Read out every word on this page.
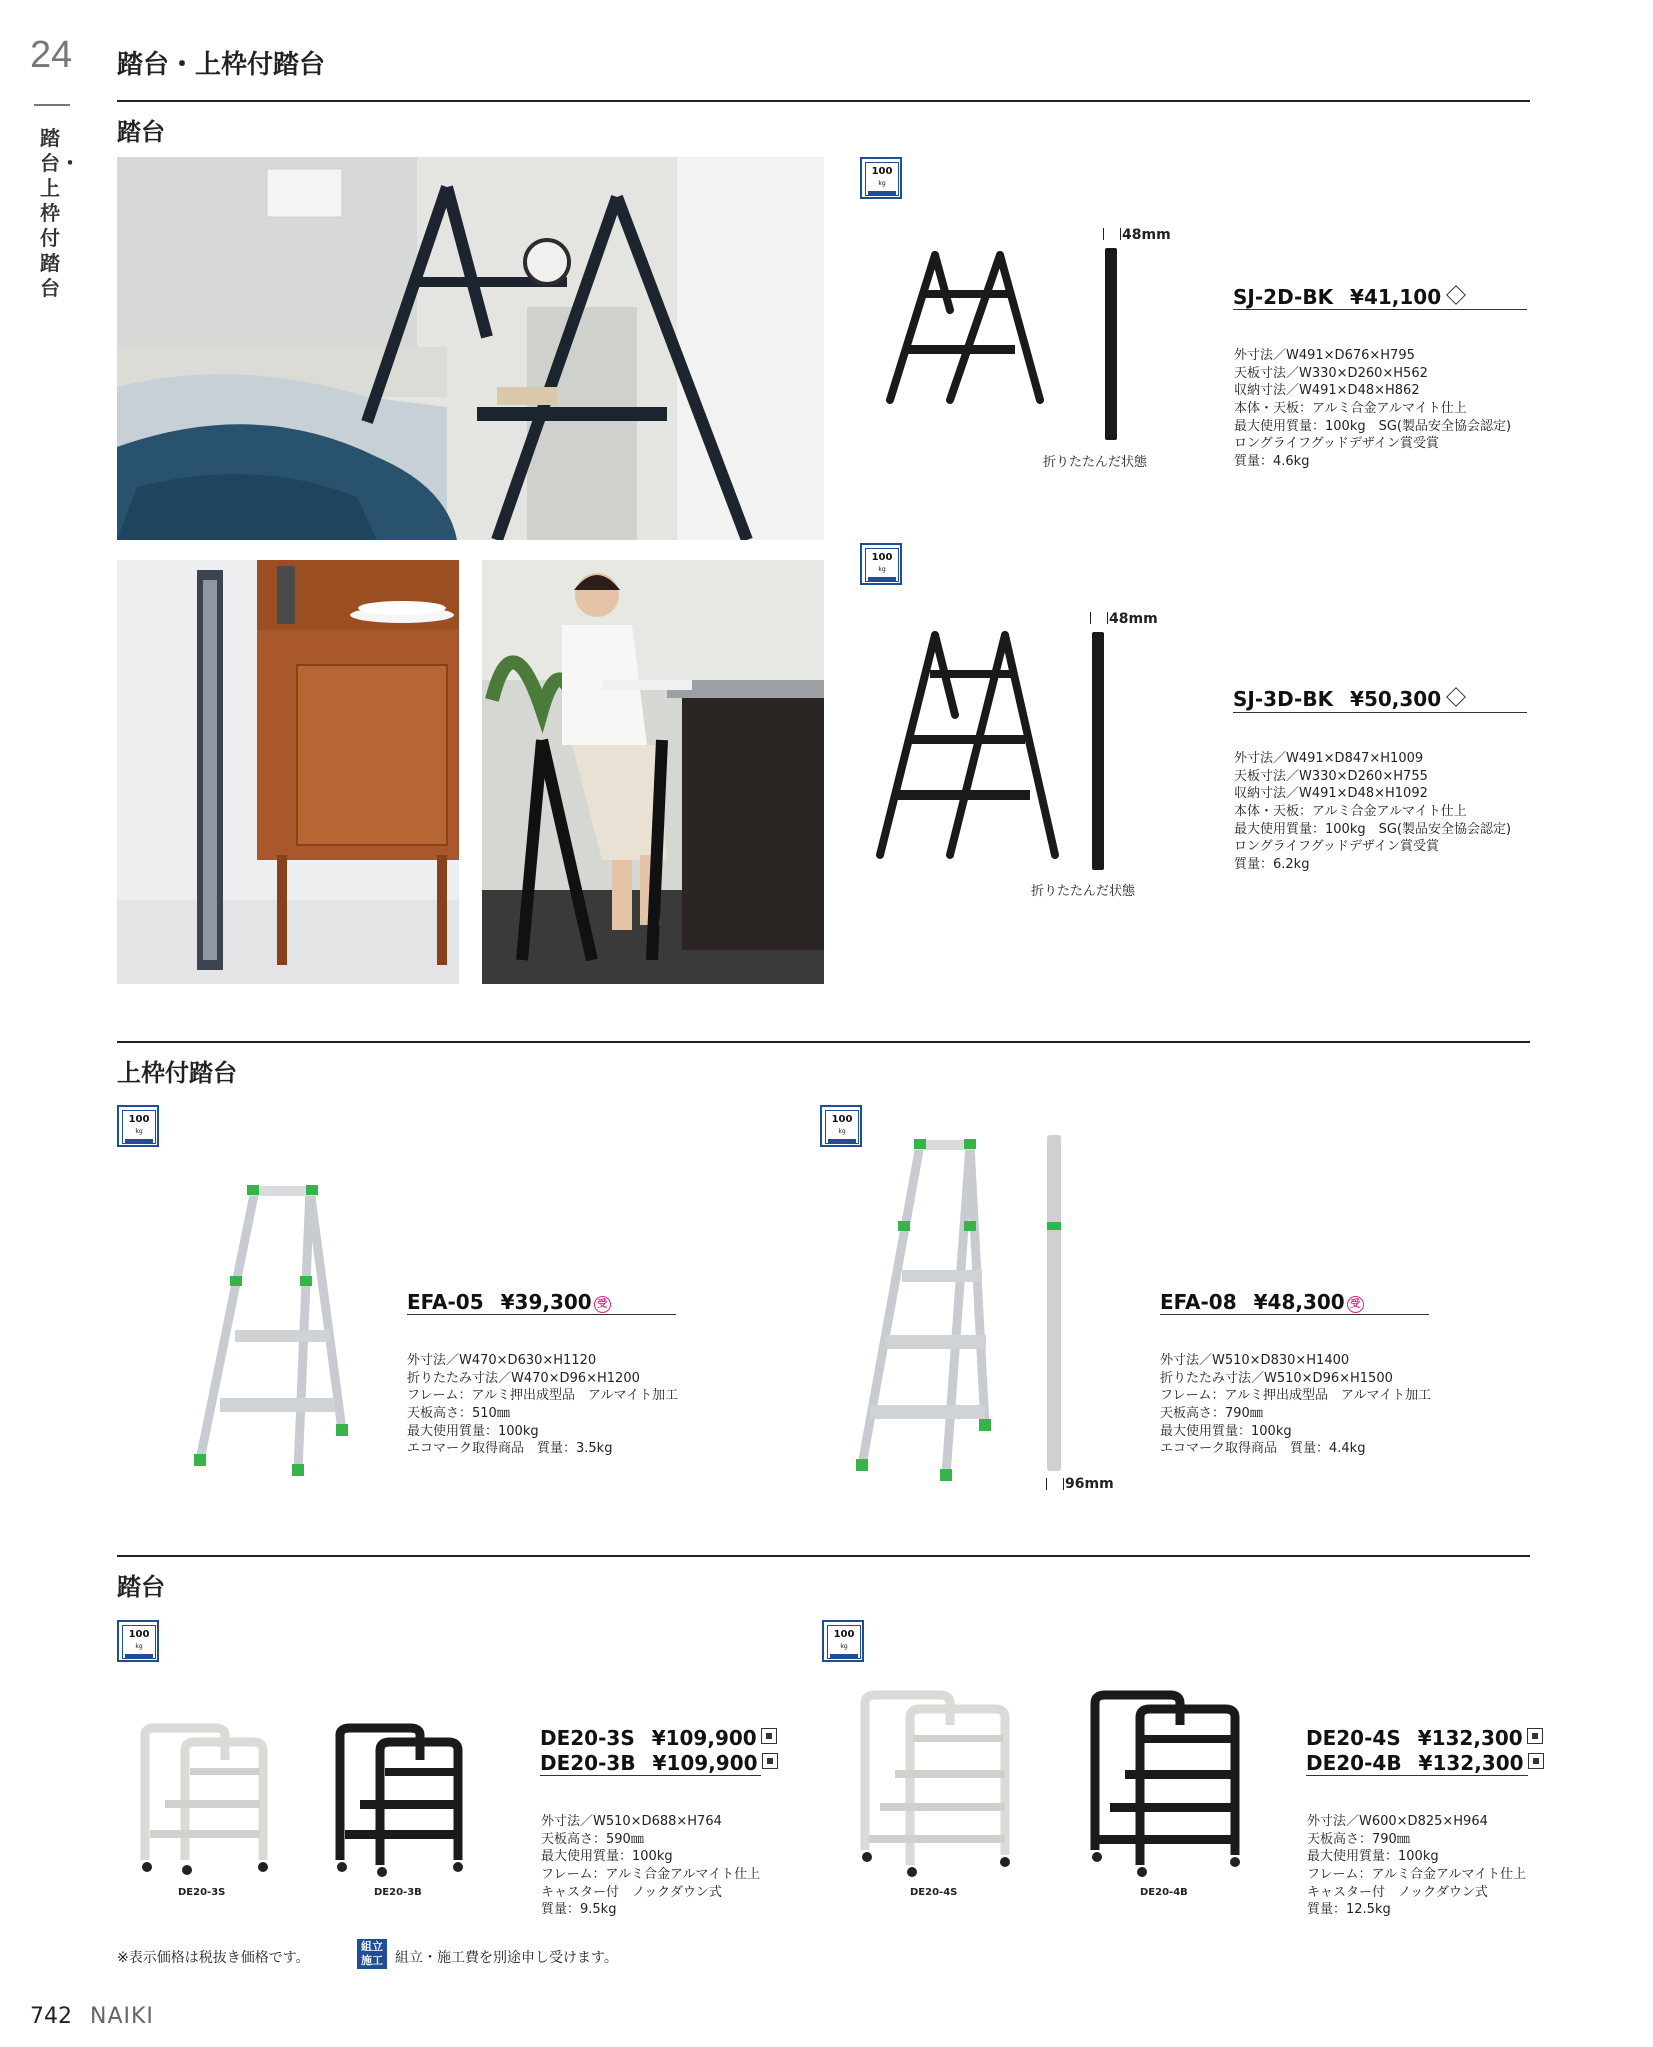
24
踏台・上枠付踏台
踏台・上枠付踏台
踏台
100
kg
48mm
折りたたんだ状態
SJ-2D-BK ¥41,100

外寸法／W491×D676×H795
天板寸法／W330×D260×H562
収納寸法／W491×D48×H862
本体・天板：アルミ合金アルマイト仕上
最大使用質量：100kg　SG(製品安全協会認定)
ロングライフグッドデザイン賞受賞
質量：4.6kg

100
kg
48mm
折りたたんだ状態
SJ-3D-BK ¥50,300

外寸法／W491×D847×H1009
天板寸法／W330×D260×H755
収納寸法／W491×D48×H1092
本体・天板：アルミ合金アルマイト仕上
最大使用質量：100kg　SG(製品安全協会認定)
ロングライフグッドデザイン賞受賞
質量：6.2kg

上枠付踏台
100
kg
EFA-05 ¥39,300 受

外寸法／W470×D630×H1120
折りたたみ寸法／W470×D96×H1200
フレーム：アルミ押出成型品　アルマイト加工
天板高さ：510㎜
最大使用質量：100kg
エコマーク取得商品　質量：3.5kg

100
kg
96mm
EFA-08 ¥48,300 受

外寸法／W510×D830×H1400
折りたたみ寸法／W510×D96×H1500
フレーム：アルミ押出成型品　アルマイト加工
天板高さ：790㎜
最大使用質量：100kg
エコマーク取得商品　質量：4.4kg

踏台
100
kg
DE20-3S	DE20-3B
DE20-3S ¥109,900
DE20-3B ¥109,900

外寸法／W510×D688×H764
天板高さ：590㎜
最大使用質量：100kg
フレーム：アルミ合金アルマイト仕上
キャスター付　ノックダウン式
質量：9.5kg

100
kg
DE20-4S	DE20-4B
DE20-4S ¥132,300
DE20-4B ¥132,300

外寸法／W600×D825×H964
天板高さ：790㎜
最大使用質量：100kg
フレーム：アルミ合金アルマイト仕上
キャスター付　ノックダウン式
質量：12.5kg

※表示価格は税抜き価格です。
組立
施工 組立・施工費を別途申し受けます。
742 NAIKI
